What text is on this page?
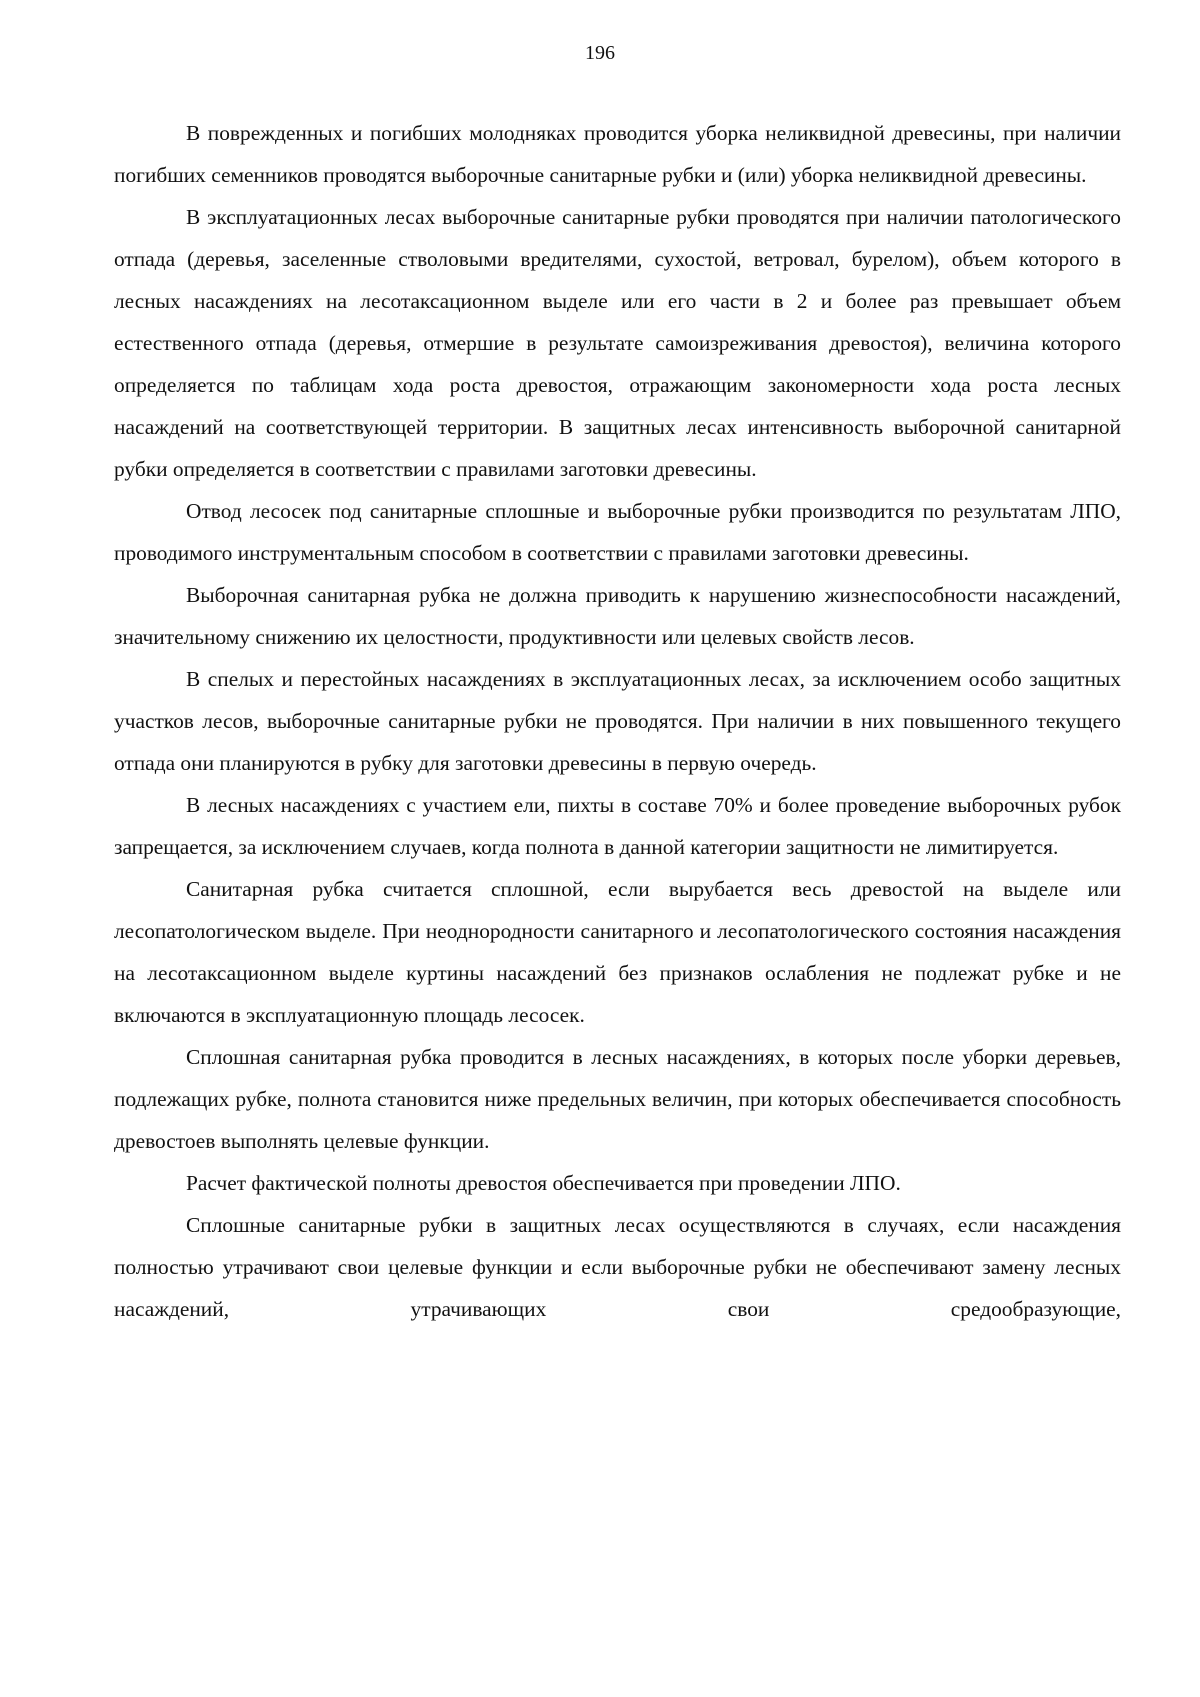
196

В поврежденных и погибших молодняках проводится уборка неликвидной древесины, при наличии погибших семенников проводятся выборочные санитарные рубки и (или) уборка неликвидной древесины.

В эксплуатационных лесах выборочные санитарные рубки проводятся при наличии патологического отпада (деревья, заселенные стволовыми вредителями, сухостой, ветровал, бурелом), объем которого в лесных насаждениях на лесотаксационном выделе или его части в 2 и более раз превышает объем естественного отпада (деревья, отмершие в результате самоизреживания древостоя), величина которого определяется по таблицам хода роста древостоя, отражающим закономерности хода роста лесных насаждений на соответствующей территории. В защитных лесах интенсивность выборочной санитарной рубки определяется в соответствии с правилами заготовки древесины.

Отвод лесосек под санитарные сплошные и выборочные рубки производится по результатам ЛПО, проводимого инструментальным способом в соответствии с правилами заготовки древесины.

Выборочная санитарная рубка не должна приводить к нарушению жизнеспособности насаждений, значительному снижению их целостности, продуктивности или целевых свойств лесов.

В спелых и перестойных насаждениях в эксплуатационных лесах, за исключением особо защитных участков лесов, выборочные санитарные рубки не проводятся. При наличии в них повышенного текущего отпада они планируются в рубку для заготовки древесины в первую очередь.

В лесных насаждениях с участием ели, пихты в составе 70% и более проведение выборочных рубок запрещается, за исключением случаев, когда полнота в данной категории защитности не лимитируется.

Санитарная рубка считается сплошной, если вырубается весь древостой на выделе или лесопатологическом выделе. При неоднородности санитарного и лесопатологического состояния насаждения на лесотаксационном выделе куртины насаждений без признаков ослабления не подлежат рубке и не включаются в эксплуатационную площадь лесосек.

Сплошная санитарная рубка проводится в лесных насаждениях, в которых после уборки деревьев, подлежащих рубке, полнота становится ниже предельных величин, при которых обеспечивается способность древостоев выполнять целевые функции.

Расчет фактической полноты древостоя обеспечивается при проведении ЛПО.

Сплошные санитарные рубки в защитных лесах осуществляются в случаях, если насаждения полностью утрачивают свои целевые функции и если выборочные рубки не обеспечивают замену лесных насаждений, утрачивающих свои средообразующие,
